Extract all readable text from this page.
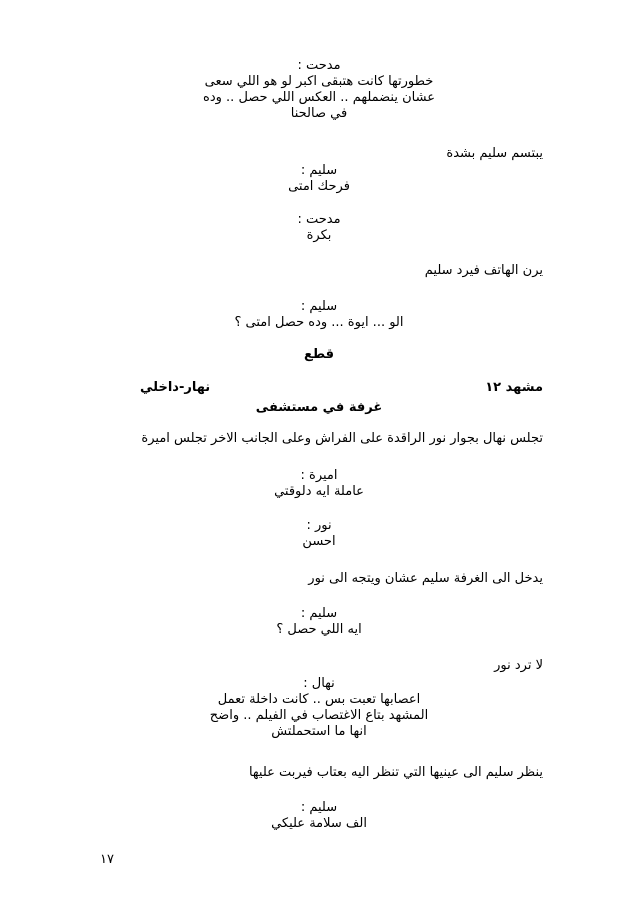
مدحت :
خطورتها كانت هتبقى اكبر لو هو اللي سعى
عشان ينضملهم .. العكس اللي حصل .. وده
في صالحنا
يبتسم سليم بشدة
سليم :
فرحك امتى
مدحت :
بكرة
يرن الهاتف فيرد سليم
سليم :
الو ... ايوة ... وده حصل امتى ؟
قطع
مشهد ١٢
نهار-داخلي
غرفة في مستشفى
تجلس نهال بجوار نور الراقدة على الفراش وعلى الجانب الاخر تجلس اميرة
اميرة :
عاملة ايه دلوقتي
نور :
احسن
يدخل الى الغرفة سليم عشان ويتجه الى نور
سليم :
ايه اللي حصل ؟
لا ترد نور
نهال :
اعصابها تعبت بس .. كانت داخلة تعمل
المشهد بتاع الاغتصاب في الفيلم .. واضح
انها ما استحملتش
ينظر سليم الى عينيها التي تنظر اليه بعتاب فيربت عليها
سليم :
الف سلامة عليكي
١٧
